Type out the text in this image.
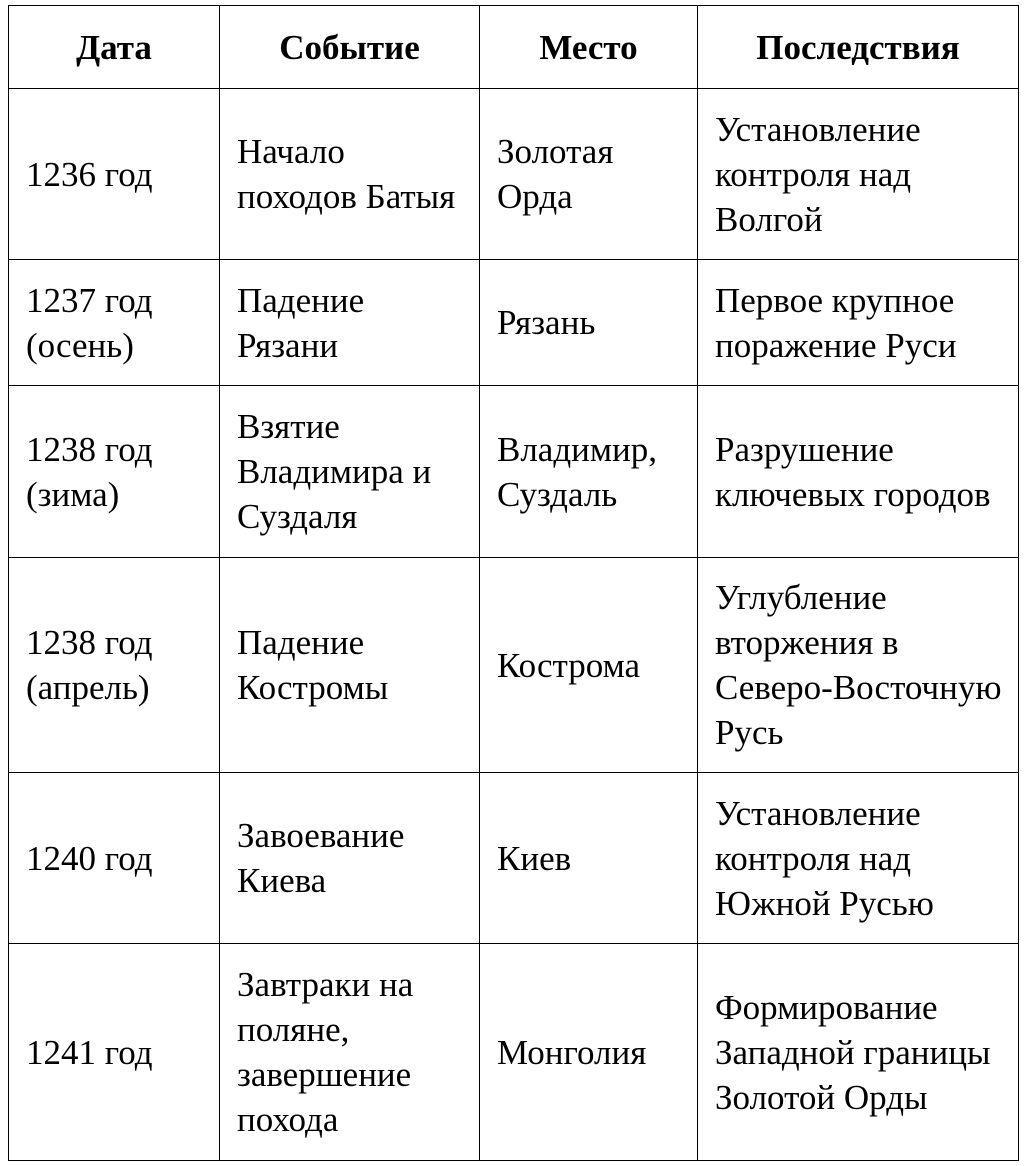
Дата	Событие	Место	Последствия
1236 год	Начало походов Батыя	Золотая Орда	Установление контроля над Волгой
1237 год (осень)	Падение Рязани	Рязань	Первое крупное поражение Руси
1238 год (зима)	Взятие Владимира и Суздаля	Владимир, Суздаль	Разрушение ключевых городов
1238 год (апрель)	Падение Костромы	Кострома	Углубление вторжения в Северо-Восточную Русь
1240 год	Завоевание Киева	Киев	Установление контроля над Южной Русью
1241 год	Завтраки на поляне, завершение похода	Монголия	Формирование Западной границы Золотой Орды
